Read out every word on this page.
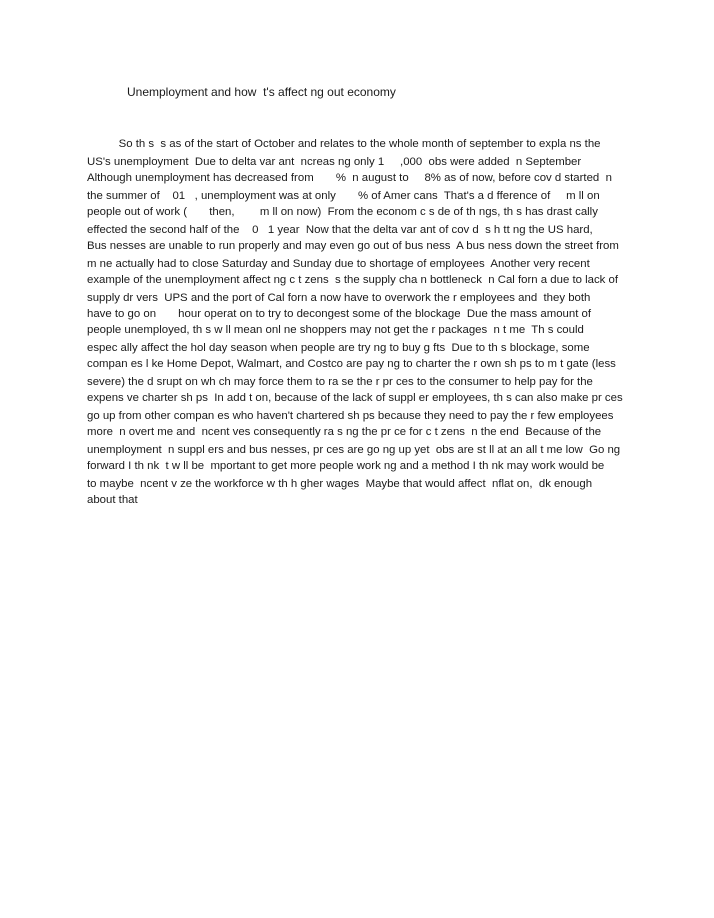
Unemployment and how  t's affect ng out economy
So th s  s as of the start of October and relates to the whole month of september to expla ns the
US's unemployment  Due to delta var ant  ncreas ng only 1     ,000  obs were added  n September
Although unemployment has decreased from       %  n august to     8% as of now, before cov d started  n
the summer of    01   , unemployment was at only       % of Amer cans  That's a d fference of     m ll on
people out of work (       then,        m ll on now)  From the econom c s de of th ngs, th s has drast cally
effected the second half of the    0   1 year  Now that the delta var ant of cov d  s h tt ng the US hard,
Bus nesses are unable to run properly and may even go out of bus ness  A bus ness down the street from
m ne actually had to close Saturday and Sunday due to shortage of employees  Another very recent
example of the unemployment affect ng c t zens  s the supply cha n bottleneck  n Cal forn a due to lack of
supply dr vers  UPS and the port of Cal forn a now have to overwork the r employees and  they both
have to go on       hour operat on to try to decongest some of the blockage  Due the mass amount of
people unemployed, th s w ll mean onl ne shoppers may not get the r packages  n t me  Th s could
espec ally affect the hol day season when people are try ng to buy g fts  Due to th s blockage, some
compan es l ke Home Depot, Walmart, and Costco are pay ng to charter the r own sh ps to m t gate (less
severe) the d srupt on wh ch may force them to ra se the r pr ces to the consumer to help pay for the
expens ve charter sh ps  In add t on, because of the lack of suppl er employees, th s can also make pr ces
go up from other compan es who haven't chartered sh ps because they need to pay the r few employees
more  n overt me and  ncent ves consequently ra s ng the pr ce for c t zens  n the end  Because of the
unemployment  n suppl ers and bus nesses, pr ces are go ng up yet  obs are st ll at an all t me low  Go ng
forward I th nk  t w ll be  mportant to get more people work ng and a method I th nk may work would be
to maybe  ncent v ze the workforce w th h gher wages  Maybe that would affect  nflat on,  dk enough
about that
